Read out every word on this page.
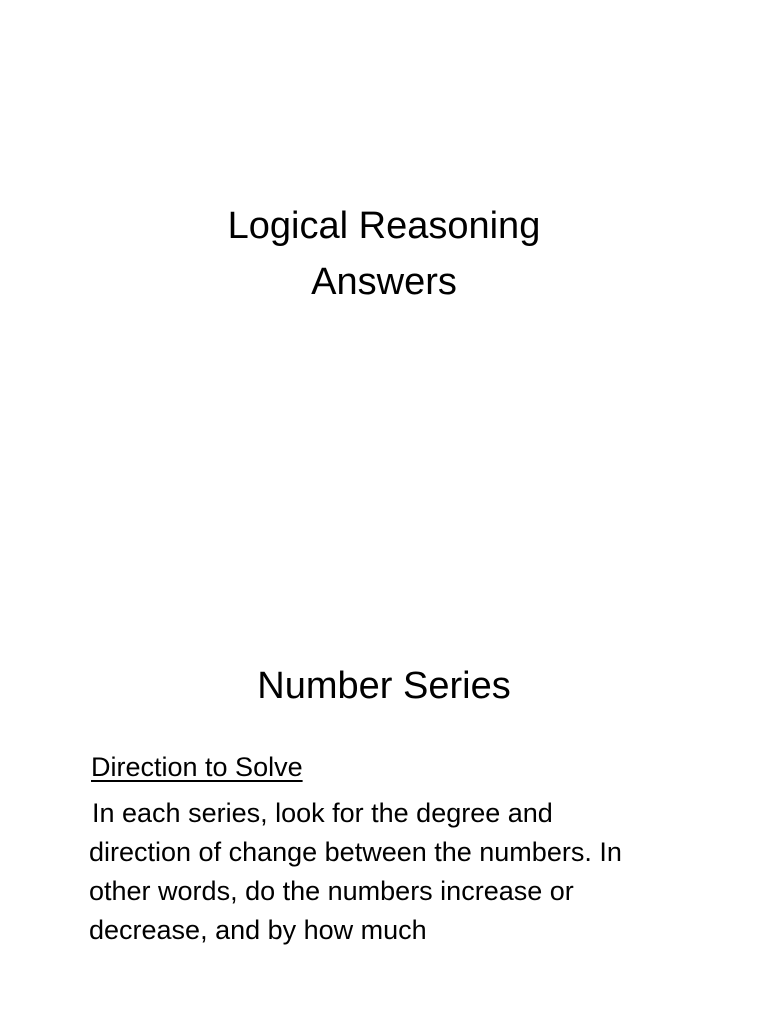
Logical Reasoning
Answers
Number Series
Direction to Solve
In each series, look for the degree and
direction of change between the numbers. In
other words, do the numbers increase or
decrease, and by how much
